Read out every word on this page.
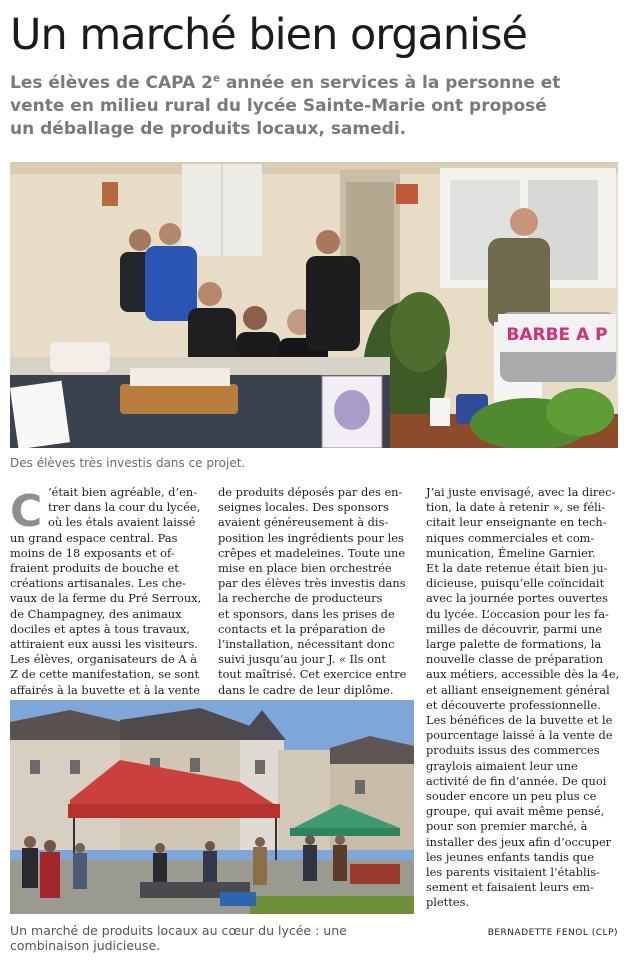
Un marché bien organisé
Les élèves de CAPA 2e année en services à la personne et
vente en milieu rural du lycée Sainte-Marie ont proposé
un déballage de produits locaux, samedi.
BARBE A P
Des élèves très investis dans ce projet.
C ’était bien agréable, d’en-
trer dans la cour du lycée,
où les étals avaient laissé
un grand espace central. Pas
moins de 18 exposants et of-
fraient produits de bouche et
créations artisanales. Les che-
vaux de la ferme du Pré Serroux,
de Champagney, des animaux
dociles et aptes à tous travaux,
attiraient eux aussi les visiteurs.
Les élèves, organisateurs de A à
Z de cette manifestation, se sont
affairés à la buvette et à la vente
de produits déposés par des en-
seignes locales. Des sponsors
avaient généreusement à dis-
position les ingrédients pour les
crêpes et madeleines. Toute une
mise en place bien orchestrée
par des élèves très investis dans
la recherche de producteurs
et sponsors, dans les prises de
contacts et la préparation de
l’installation, nécessitant donc
suivi jusqu’au jour J. « Ils ont
tout maîtrisé. Cet exercice entre
dans le cadre de leur diplôme.
J’ai juste envisagé, avec la direc-
tion, la date à retenir », se féli-
citait leur enseignante en tech-
niques commerciales et com-
munication, Émeline Garnier.
Et la date retenue était bien ju-
dicieuse, puisqu’elle coïncidait
avec la journée portes ouvertes
du lycée. L’occasion pour les fa-
milles de découvrir, parmi une
large palette de formations, la
nouvelle classe de préparation
aux métiers, accessible dès la 4e,
et alliant enseignement général
et découverte professionnelle.
Les bénéfices de la buvette et le
pourcentage laissé à la vente de
produits issus des commerces
graylois aimaient leur une
activité de fin d’année. De quoi
souder encore un peu plus ce
groupe, qui avait même pensé,
pour son premier marché, à
installer des jeux afin d’occuper
les jeunes enfants tandis que
les parents visitaient l’établis-
sement et faisaient leurs em-
plettes.
Un marché de produits locaux au cœur du lycée : une
combinaison judicieuse.
BERNADETTE FENOL (CLP)
